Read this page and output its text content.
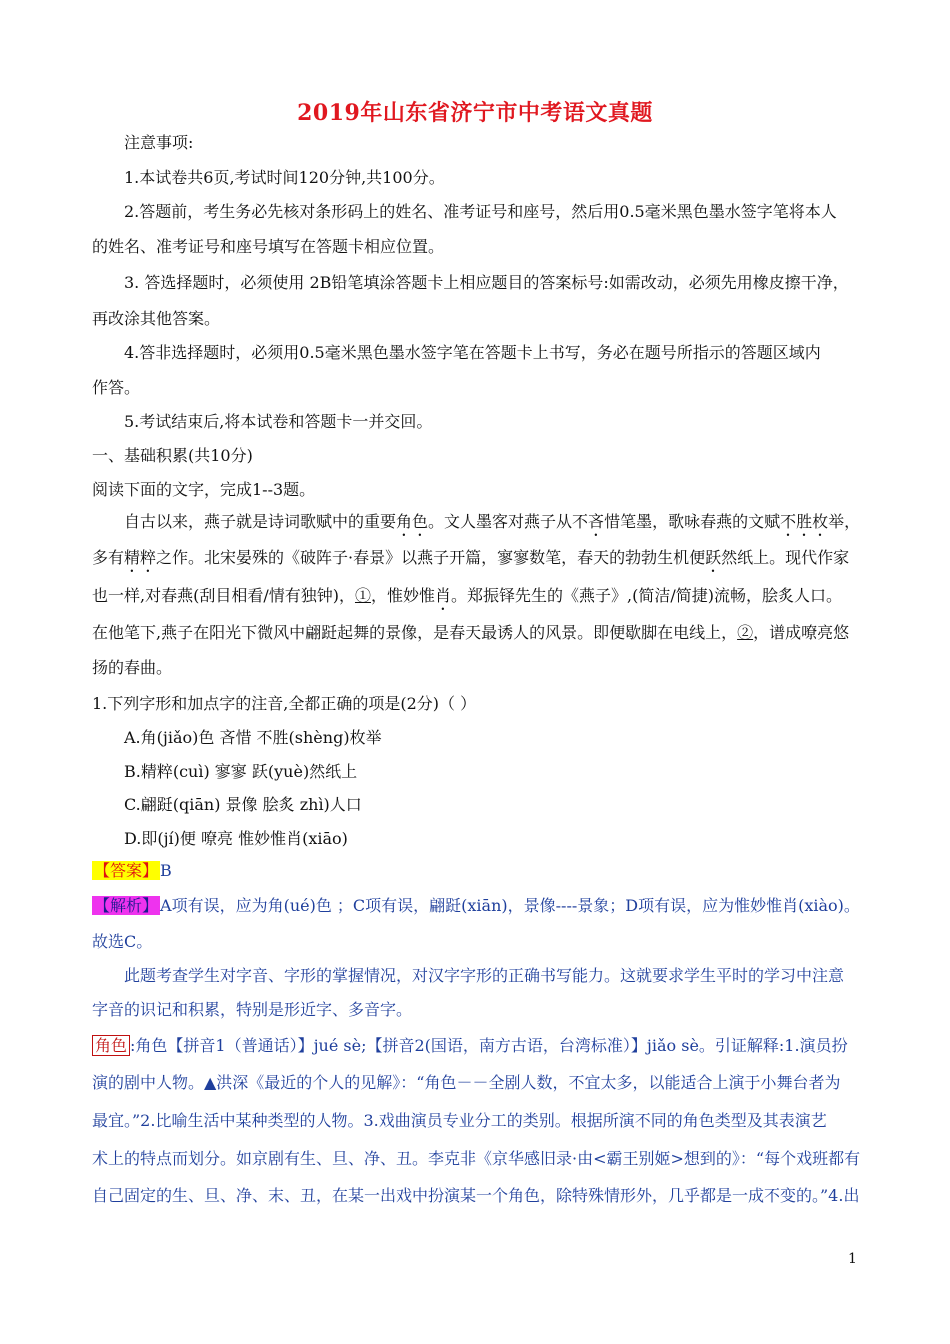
2019年山东省济宁市中考语文真题
注意事项:
1.本试卷共6页,考试时间120分钟,共100分。
2.答题前，考生务必先核对条形码上的姓名、准考证号和座号，然后用0.5毫米黑色墨水签字笔将本人
的姓名、准考证号和座号填写在答题卡相应位置。
3. 答选择题时，必须使用 2B铅笔填涂答题卡上相应题目的答案标号:如需改动，必须先用橡皮擦干净，
再改涂其他答案。
4.答非选择题时，必须用0.5毫米黑色墨水签字笔在答题卡上书写，务必在题号所指示的答题区域内
作答。
5.考试结束后,将本试卷和答题卡一并交回。
一、基础积累(共10分)
阅读下面的文字，完成1--3题。
自古以来，燕子就是诗词歌赋中的重要角色。文人墨客对燕子从不吝惜笔墨，歌咏春燕的文赋不胜枚举，
多有精粹之作。北宋晏殊的《破阵子·春景》以燕子开篇，寥寥数笔，春天的勃勃生机便跃然纸上。现代作家
也一样,对春燕(刮目相看/情有独钟)，①，惟妙惟肖。郑振铎先生的《燕子》,(简洁/简捷)流畅，脍炙人口。
在他笔下,燕子在阳光下微风中翩跹起舞的景像，是春天最诱人的风景。即便歇脚在电线上，②，谱成嘹亮悠
扬的春曲。
1.下列字形和加点字的注音,全都正确的项是(2分)（ ）
A.角(jiǎo)色 吝惜 不胜(shèng)枚举
B.精粹(cuì) 寥寥 跃(yuè)然纸上
C.翩跹(qiān) 景像 脍炙 zhì)人口
D.即(jí)便 嘹亮 惟妙惟肖(xiāo)
【答案】 B
【解析】 A项有误，应为角(ué)色 ；C项有误，翩跹(xiān)，景像----景象；D项有误，应为惟妙惟肖(xiào)。
故选C。
此题考查学生对字音、字形的掌握情况，对汉字字形的正确书写能力。这就要求学生平时的学习中注意
字音的识记和积累，特别是形近字、多音字。
角色 :角色【拼音1（普通话）】jué sè;【拼音2(国语，南方古语，台湾标准）】jiǎo sè。引证解释:1.演员扮
演的剧中人物。▲洪深《最近的个人的见解》：“角色－－全剧人数，不宜太多，以能适合上演于小舞台者为
最宜。”2.比喻生活中某种类型的人物。3.戏曲演员专业分工的类别。根据所演不同的角色类型及其表演艺
术上的特点而划分。如京剧有生、旦、净、丑。李克非《京华感旧录·由<霸王别姬>想到的》：“每个戏班都有
自己固定的生、旦、净、末、丑，在某一出戏中扮演某一个角色，除特殊情形外，几乎都是一成不变的。”4.出
1
